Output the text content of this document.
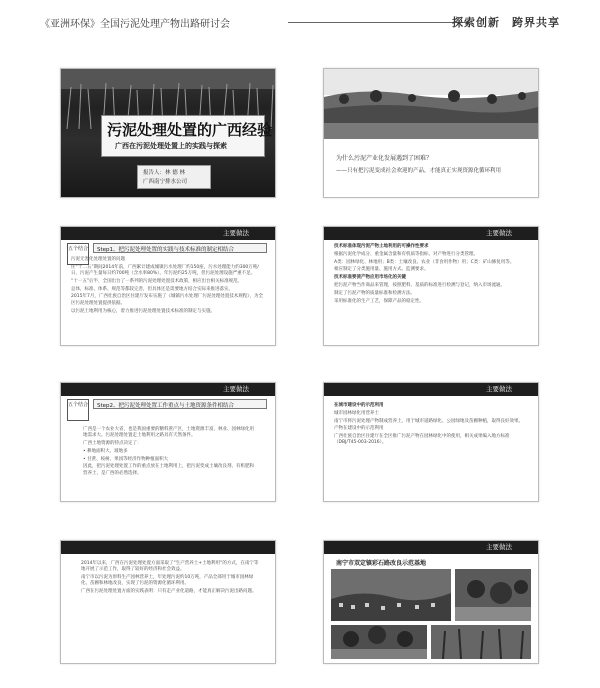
《亚洲环保》全国污泥处理产物出路研讨会	探索创新　跨界共享
污泥处理处置的广西经验
广西在污泥处理处置上的实践与探索
报告人：林 德 林
广西南宁排水公司
为什么污泥产业化发展遇到了困难？
——只有把污泥变成社会欢迎的产品，才能真正实现资源化循环利用
主要做法
五个结合	Step1、把污泥处理处置的实践与技术标准的制定相结合

污泥无害化处理处置的问题

住“十二五”期间2014年前，广西累计建成城镇污水处理厂约150座，污水处理能力约300万吨/日，污泥产生量每日约700吨（含水率80%），年污泥约25万吨，但污泥处理设施严重不足。

“十一五”后半，全国出台了一系列的污泥处理处置技术政策，相应出台相关标准规范。

总体，标准、体系、规范等都较完善，但具体还是需要地方结合实际来推进落实。

2015年7月，广西壮族自治区住建厅发布实施了《城镇污水处理厂污泥处理处置技术规程》，为全区污泥处理处置提供依据。

以污泥土地利用为核心，着力推进污泥处理处置技术标准的制定与实施。

主要做法

技术标准体现污泥产物土地利用的可操作性要求

根据污泥化学成分、重金属含量和有机质等指标，对产物进行分类管理。

A类：园林绿化、林地用；B类：土壤改良、农业（非食用作物）用；C类：矿山修复用等。

相应制定了分类施用量、施用方式、监测要求。

技术标准要使产物应用市场化的关键

把污泥产物当作商品来管理，按照肥料、基质的标准进行检测与登记，纳入市场流通。

制定了污泥产物的质量标准和检测方法。

采用标准化的生产工艺，保障产品的稳定性。

主要做法
五个结合	Step2、把污泥处理处置工作重点与土地资源条件相结合

广西是一个农业大省，也是我国重要的糖料蔗产区，土地资源丰富，林业、园林绿化用地需求大。污泥处理处置走土地利用之路具有天然条件。

广西土地资源的特点决定了：

• 耕地面积大、坡地多

• 甘蔗、桉树、果园等经济作物种植面积大

因此，把污泥处理处置工作的重点放在土地利用上，把污泥变成土壤改良剂、有机肥和营养土，是广西的必然选择。

主要做法

在城市建设中的示范利用

城市园林绿化用营养土

南宁市将污泥处理产物制成营养土，用于城市道路绿化、公园绿地及苗圃种植，取得良好效果。

产物在建设中的示范利用

广西壮族自治区住建厅在全区推广污泥产物在园林绿化中的使用，相关成果编入地方标准（DBJ/T45-003-2016）。

2014年以来，广西在污泥处理处置方面采取了“生产营养土+土地利用”的方式，在南宁等地开展了示范工作，取得了较好的经济和社会效益。

南宁市以污泥为原料生产园林营养土，年处理污泥约10万吨，产品全部用于城市园林绿化、苗圃和林地改良，实现了污泥的资源化循环利用。

广西在污泥处理处置方面的实践表明：只有走产业化道路，才能真正解决污泥出路问题。

主要做法
南宁市双定镇彩石路改良示范基地
